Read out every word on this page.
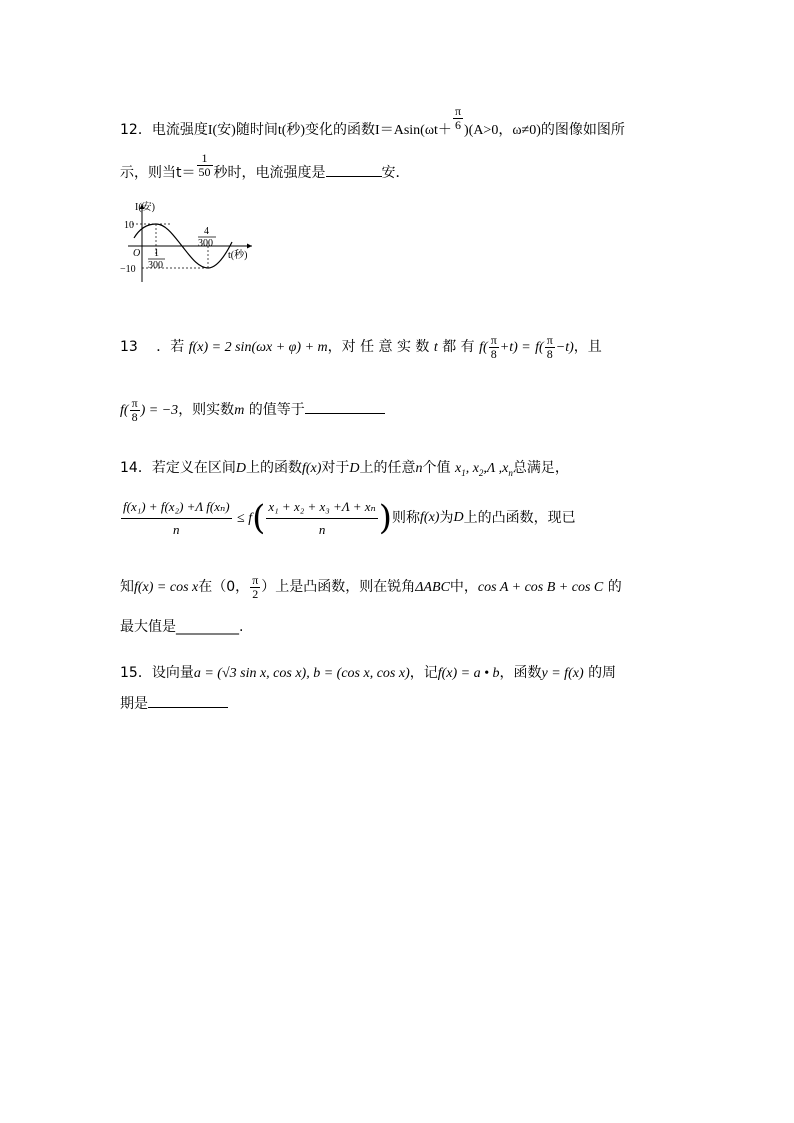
12．电流强度I(安)随时间t(秒)变化的函数$I=Asin(\omega t+ \frac{\pi}{6} )(A>0$，ω≠0)的图像如图所
示，则当$t= \frac{1}{50}$ 秒时，电流强度是	安．
I(安)
10
−10
O	t(秒)
1
300
4
300
13 ．若 f(x) = 2 sin(ωx + φ) + m，对 任 意 实 数 t 都 有 $f( \frac{\pi}{8} +t) = f( \frac{\pi}{8} -t)$，且
$f( \frac{\pi}{8}$ ) = −3，则实数m 的值等于
14．若定义在区间D上的函数f(x)对于D上的任意n个值 $x_1$, $x_2,\Lambda$ $,x_n$总满足，
$\frac{\text{f(x₁) + f(x₂) +Λ f(xₙ)}}{n} \le f( \frac{\text{x₁ + x₂ + x₃ +Λ + xₙ}}{n}$ )则称f(x)为D上的凸函数，现已
知f(x) = cos x在（0， $\frac{\pi}{2}$ ）上是凸函数，则在锐角ΔABC中，cos A + cos B + cos C 的
最大值是_________.
15．设向量a = (√3 sin x, cos x), b = (cos x, cos x)，记f(x) = a • b，函数y = f(x) 的周
期是
